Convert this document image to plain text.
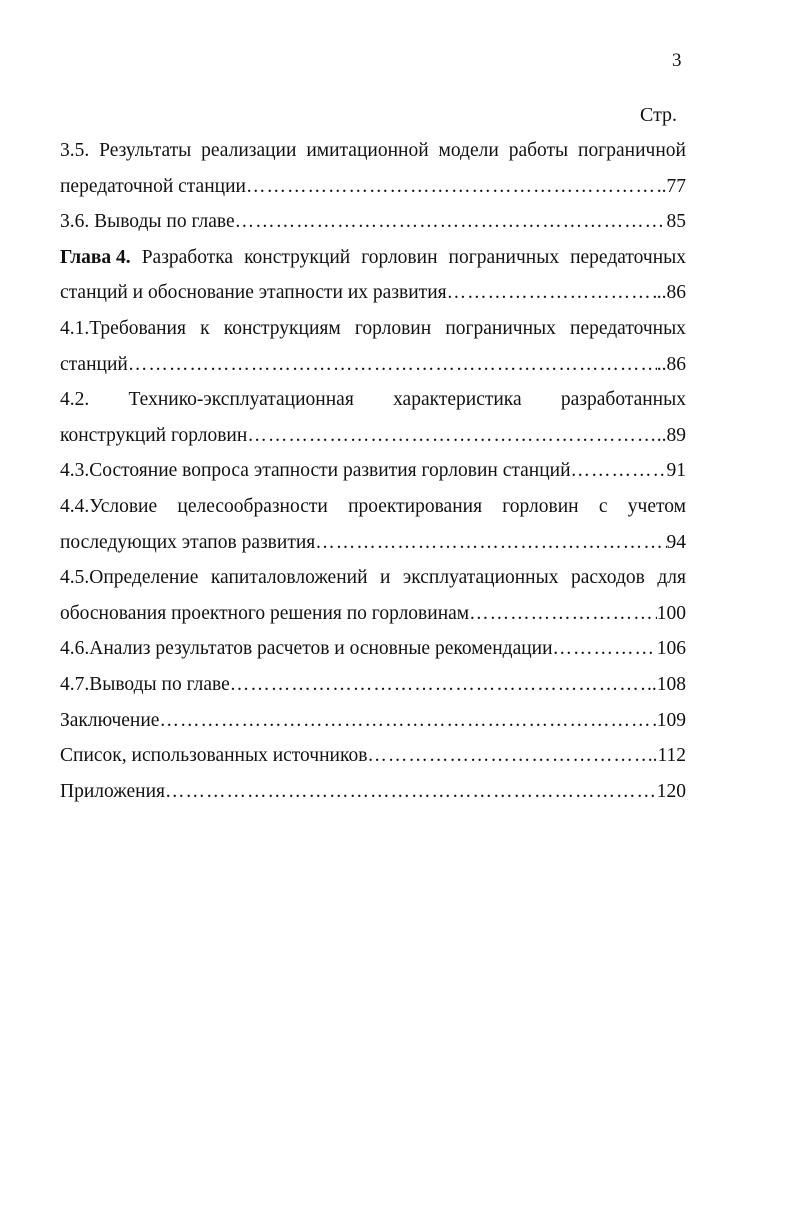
3
Стр.
3.5. Результаты реализации имитационной модели работы пограничной
передаточной станции ……………………………………………………………………………………………………………………………………………………………………………………………	..77
3.6. Выводы по главе ……………………………………………………………………………………………………………………………………………………………………………………………	85
Глава 4. Разработка конструкций горловин пограничных передаточных
станций и обоснование этапности их развития ……………………………………………………………………………………………………………………………………………………………………………………………	..86
4.1.Требования к конструкциям горловин пограничных передаточных
станций ……………………………………………………………………………………………………………………………………………………………………………………………	..86
4.2. Технико-эксплуатационная характеристика разработанных
конструкций горловин ……………………………………………………………………………………………………………………………………………………………………………………………	..89
4.3.Состояние вопроса этапности развития горловин станций ……………………………………………………………………………………………………………………………………………………………………………………………	91
4.4.Условие целесообразности проектирования горловин с учетом
последующих этапов развития ……………………………………………………………………………………………………………………………………………………………………………………………	94
4.5.Определение капиталовложений и эксплуатационных расходов для
обоснования проектного решения по горловинам ……………………………………………………………………………………………………………………………………………………………………………………………	100
4.6.Анализ результатов расчетов и основные рекомендации ……………………………………………………………………………………………………………………………………………………………………………………………	106
4.7.Выводы по главе ……………………………………………………………………………………………………………………………………………………………………………………………	..108
Заключение ……………………………………………………………………………………………………………………………………………………………………………………………	109
Список, использованных источников ……………………………………………………………………………………………………………………………………………………………………………………………	..112
Приложения ……………………………………………………………………………………………………………………………………………………………………………………………	120
